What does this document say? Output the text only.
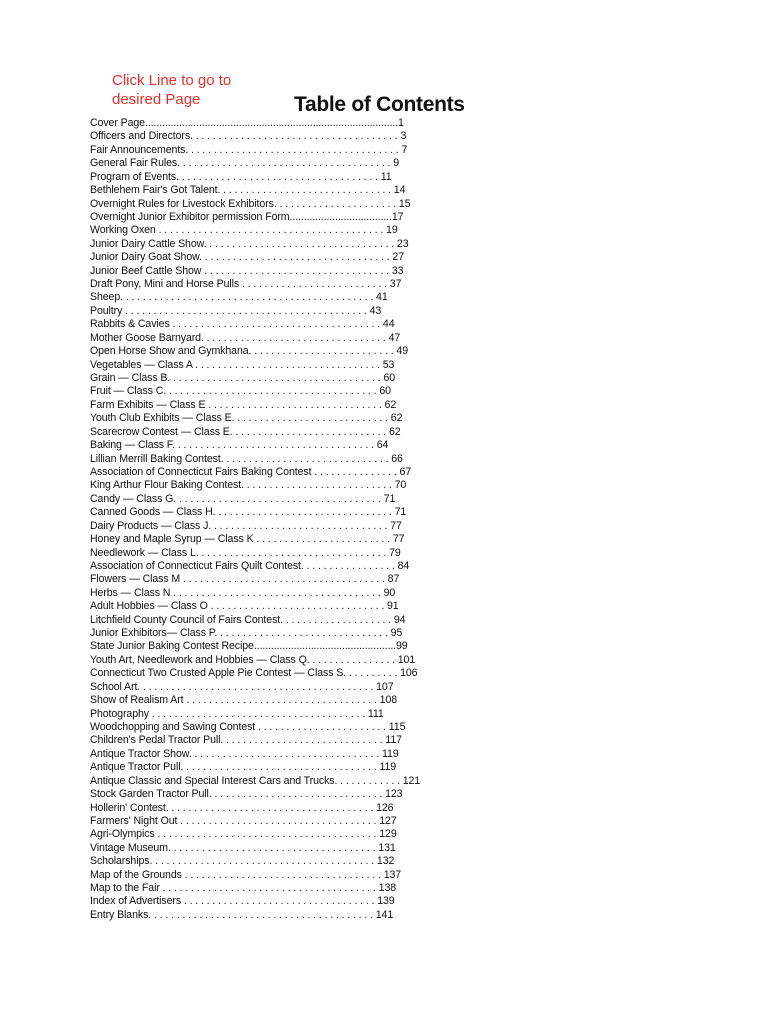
Click Line to go to
desired Page	Table of Contents
Cover Page.........................................................................................1
Officers and Directors. . . . . . . . . . . . . . . . . . . . . . . . . . . . . . . . . . . . . 3
Fair Announcements. . . . . . . . . . . . . . . . . . . . . . . . . . . . . . . . . . . . . . 7
General Fair Rules. . . . . . . . . . . . . . . . . . . . . . . . . . . . . . . . . . . . . . 9
Program of Events. . . . . . . . . . . . . . . . . . . . . . . . . . . . . . . . . . . . 11
Bethlehem Fair's Got Talent. . . . . . . . . . . . . . . . . . . . . . . . . . . . . . . 14
Overnight Rules for Livestock Exhibitors. . . . . . . . . . . . . . . . . . . . . . 15
Overnight Junior Exhibitor permission Form....................................17
Working Oxen . . . . . . . . . . . . . . . . . . . . . . . . . . . . . . . . . . . . . . . . 19
Junior Dairy Cattle Show. . . . . . . . . . . . . . . . . . . . . . . . . . . . . . . . . . 23
Junior Dairy Goat Show. . . . . . . . . . . . . . . . . . . . . . . . . . . . . . . . . . 27
Junior Beef Cattle Show . . . . . . . . . . . . . . . . . . . . . . . . . . . . . . . . . 33
Draft Pony, Mini and Horse Pulls . . . . . . . . . . . . . . . . . . . . . . . . . . 37
Sheep. . . . . . . . . . . . . . . . . . . . . . . . . . . . . . . . . . . . . . . . . . . . . 41
Poultry . . . . . . . . . . . . . . . . . . . . . . . . . . . . . . . . . . . . . . . . . . . 43
Rabbits & Cavies . . . . . . . . . . . . . . . . . . . . . . . . . . . . . . . . . . . . . 44
Mother Goose Barnyard. . . . . . . . . . . . . . . . . . . . . . . . . . . . . . . . . 47
Open Horse Show and Gymkhana. . . . . . . . . . . . . . . . . . . . . . . . . . 49
Vegetables — Class A . . . . . . . . . . . . . . . . . . . . . . . . . . . . . . . . . 53
Grain — Class B. . . . . . . . . . . . . . . . . . . . . . . . . . . . . . . . . . . . . . 60
Fruit — Class C. . . . . . . . . . . . . . . . . . . . . . . . . . . . . . . . . . . . . . 60
Farm Exhibits — Class E . . . . . . . . . . . . . . . . . . . . . . . . . . . . . . . 62
Youth Club Exhibits — Class E. . . . . . . . . . . . . . . . . . . . . . . . . . . . 62
Scarecrow Contest — Class E. . . . . . . . . . . . . . . . . . . . . . . . . . . . 62
Baking — Class F. . . . . . . . . . . . . . . . . . . . . . . . . . . . . . . . . . . . 64
Lillian Merrill Baking Contest. . . . . . . . . . . . . . . . . . . . . . . . . . . . . . 66
Association of Connecticut Fairs Baking Contest . . . . . . . . . . . . . . . 67
King Arthur Flour Baking Contest. . . . . . . . . . . . . . . . . . . . . . . . . . . 70
Candy — Class G. . . . . . . . . . . . . . . . . . . . . . . . . . . . . . . . . . . . . 71
Canned Goods — Class H. . . . . . . . . . . . . . . . . . . . . . . . . . . . . . . . 71
Dairy Products — Class J. . . . . . . . . . . . . . . . . . . . . . . . . . . . . . . . 77
Honey and Maple Syrup — Class K . . . . . . . . . . . . . . . . . . . . . . . . 77
Needlework — Class L. . . . . . . . . . . . . . . . . . . . . . . . . . . . . . . . . . 79
Association of Connecticut Fairs Quilt Contest. . . . . . . . . . . . . . . . . 84
Flowers — Class M . . . . . . . . . . . . . . . . . . . . . . . . . . . . . . . . . . . . 87
Herbs — Class N . . . . . . . . . . . . . . . . . . . . . . . . . . . . . . . . . . . . . 90
Adult Hobbies — Class O . . . . . . . . . . . . . . . . . . . . . . . . . . . . . . . 91
Litchfield County Council of Fairs Contest. . . . . . . . . . . . . . . . . . . . 94
Junior Exhibitors— Class P. . . . . . . . . . . . . . . . . . . . . . . . . . . . . . . 95
State Junior Baking Contest Recipe..................................................99
Youth Art, Needlework and Hobbies — Class Q. . . . . . . . . . . . . . . . 101
Connecticut Two Crusted Apple Pie Contest — Class S. . . . . . . . . . 106
School Art. . . . . . . . . . . . . . . . . . . . . . . . . . . . . . . . . . . . . . . . . . 107
Show of Realism Art . . . . . . . . . . . . . . . . . . . . . . . . . . . . . . . . . . 108
Photography . . . . . . . . . . . . . . . . . . . . . . . . . . . . . . . . . . . . . . 111
Woodchopping and Sawing Contest . . . . . . . . . . . . . . . . . . . . . . . 115
Children's Pedal Tractor Pull. . . . . . . . . . . . . . . . . . . . . . . . . . . . . 117
Antique Tractor Show. . . . . . . . . . . . . . . . . . . . . . . . . . . . . . . . . . 119
Antique Tractor Pull. . . . . . . . . . . . . . . . . . . . . . . . . . . . . . . . . . . 119
Antique Classic and Special Interest Cars and Trucks. . . . . . . . . . . . 121
Stock Garden Tractor Pull. . . . . . . . . . . . . . . . . . . . . . . . . . . . . . . 123
Hollerin' Contest. . . . . . . . . . . . . . . . . . . . . . . . . . . . . . . . . . . . . 126
Farmers' Night Out . . . . . . . . . . . . . . . . . . . . . . . . . . . . . . . . . . . 127
Agri-Olympics . . . . . . . . . . . . . . . . . . . . . . . . . . . . . . . . . . . . . . . 129
Vintage Museum. . . . . . . . . . . . . . . . . . . . . . . . . . . . . . . . . . . . . 131
Scholarships. . . . . . . . . . . . . . . . . . . . . . . . . . . . . . . . . . . . . . . . 132
Map of the Grounds . . . . . . . . . . . . . . . . . . . . . . . . . . . . . . . . . . . 137
Map to the Fair . . . . . . . . . . . . . . . . . . . . . . . . . . . . . . . . . . . . . . 138
Index of Advertisers . . . . . . . . . . . . . . . . . . . . . . . . . . . . . . . . . . 139
Entry Blanks. . . . . . . . . . . . . . . . . . . . . . . . . . . . . . . . . . . . . . . . 141
